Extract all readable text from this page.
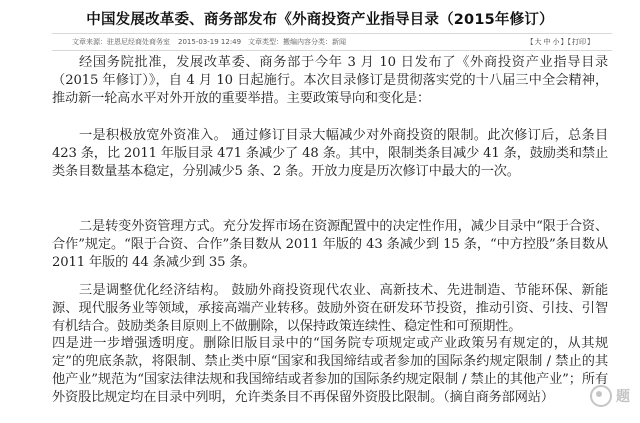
中国发展改革委、商务部发布《外商投资产业指导目录（2015年修订）
文章来源：驻恩尼经商处商务室 2015-03-19 12:49 文章类型：搬编 内容分类：新闻	【大 中 小】【打印】

经国务院批准，发展改革委、商务部于今年 3 月 10 日发布了《外商投资产业指导目录（2015 年修订）》，自 4 月 10 日起施行。本次目录修订是贯彻落实党的十八届三中全会精神，推动新一轮高水平对外开放的重要举措。主要政策导向和变化是：

一是积极放宽外资准入。 通过修订目录大幅减少对外商投资的限制。此次修订后，总条目 423 条，比 2011 年版目录 471 条减少了 48 条。其中，限制类条目减少 41 条，鼓励类和禁止类条目数量基本稳定，分别减少5 条、2 条。开放力度是历次修订中最大的一次。

二是转变外资管理方式。充分发挥市场在资源配置中的决定性作用，减少目录中“限于合资、合作”规定。“限于合资、合作”条目数从 2011 年版的 43 条减少到 15 条，“中方控股”条目数从 2011 年版的 44 条减少到 35 条。

三是调整优化经济结构。 鼓励外商投资现代农业、高新技术、先进制造、节能环保、新能源、现代服务业等领域，承接高端产业转移。鼓励外资在研发环节投资，推动引资、引技、引智有机结合。鼓励类条目原则上不做删除，以保持政策连续性、稳定性和可预期性。

四是进一步增强透明度。删除旧版目录中的“国务院专项规定或产业政策另有规定的，从其规定”的兜底条款，将限制、禁止类中原“国家和我国缔结或者参加的国际条约规定限制 / 禁止的其他产业”规范为“国家法律法规和我国缔结或者参加的国际条约规定限制 / 禁止的其他产业”；所有外资股比规定均在目录中列明，允许类条目不再保留外资股比限制。（摘自商务部网站）	题
